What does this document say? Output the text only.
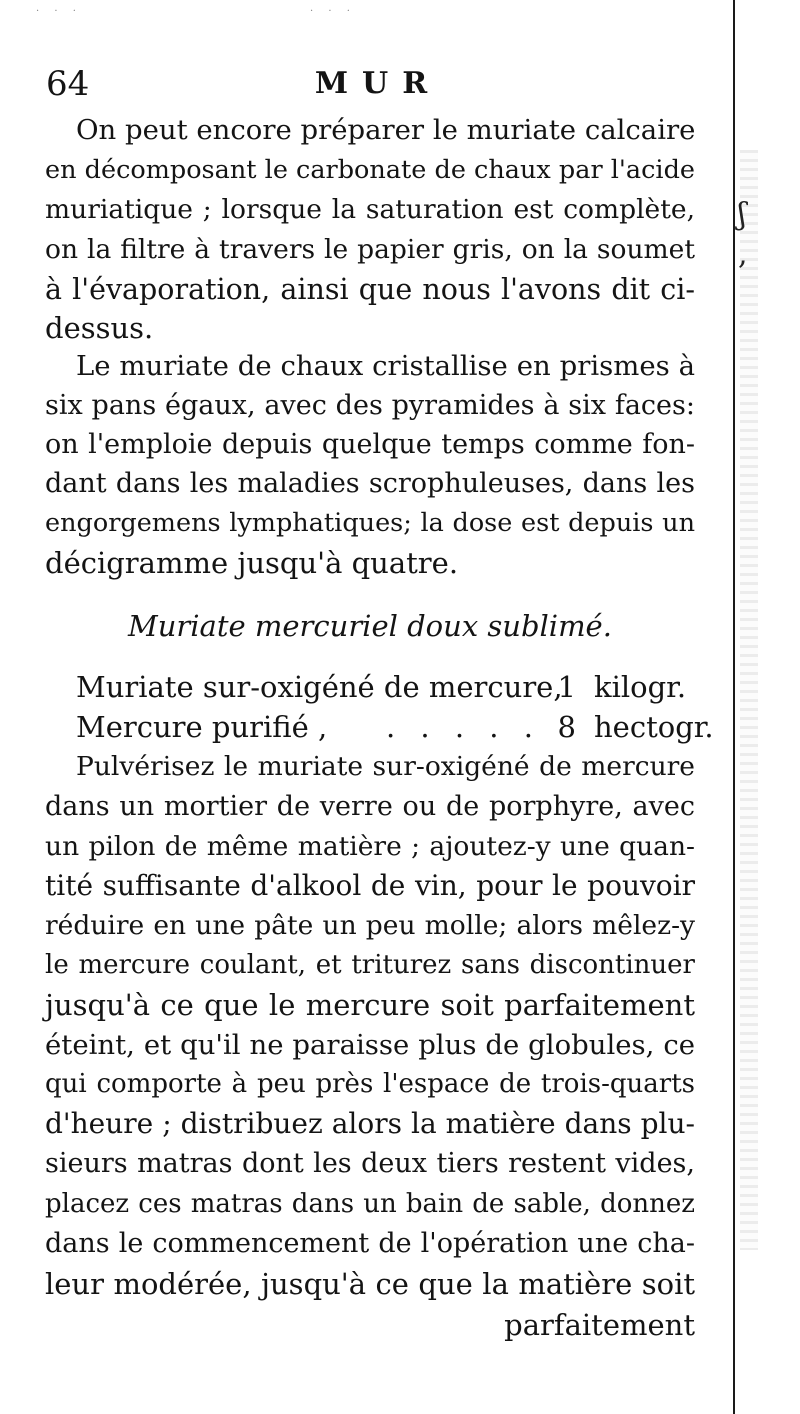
· · ·	· · ·
ʃ
,
64	MUR
On peut encore préparer le muriate calcaire
en décomposant le carbonate de chaux par l'acide
muriatique ; lorsque la saturation est complète,
on la filtre à travers le papier gris, on la soumet
à l'évaporation, ainsi que nous l'avons dit ci-
dessus.
Le muriate de chaux cristallise en prismes à
six pans égaux, avec des pyramides à six faces:
on l'emploie depuis quelque temps comme fon-
dant dans les maladies scrophuleuses, dans les
engorgemens lymphatiques; la dose est depuis un
décigramme jusqu'à quatre.
Muriate mercuriel doux sublimé.
Muriate sur-oxigéné de mercure,
1 kilogr.
Mercure purifié , . . . . . 8 hectogr.
Pulvérisez le muriate sur-oxigéné de mercure
dans un mortier de verre ou de porphyre, avec
un pilon de même matière ; ajoutez-y une quan-
tité suffisante d'alkool de vin, pour le pouvoir
réduire en une pâte un peu molle; alors mêlez-y
le mercure coulant, et triturez sans discontinuer
jusqu'à ce que le mercure soit parfaitement
éteint, et qu'il ne paraisse plus de globules, ce
qui comporte à peu près l'espace de trois-quarts
d'heure ; distribuez alors la matière dans plu-
sieurs matras dont les deux tiers restent vides,
placez ces matras dans un bain de sable, donnez
dans le commencement de l'opération une cha-
leur modérée, jusqu'à ce que la matière soit
parfaitement
